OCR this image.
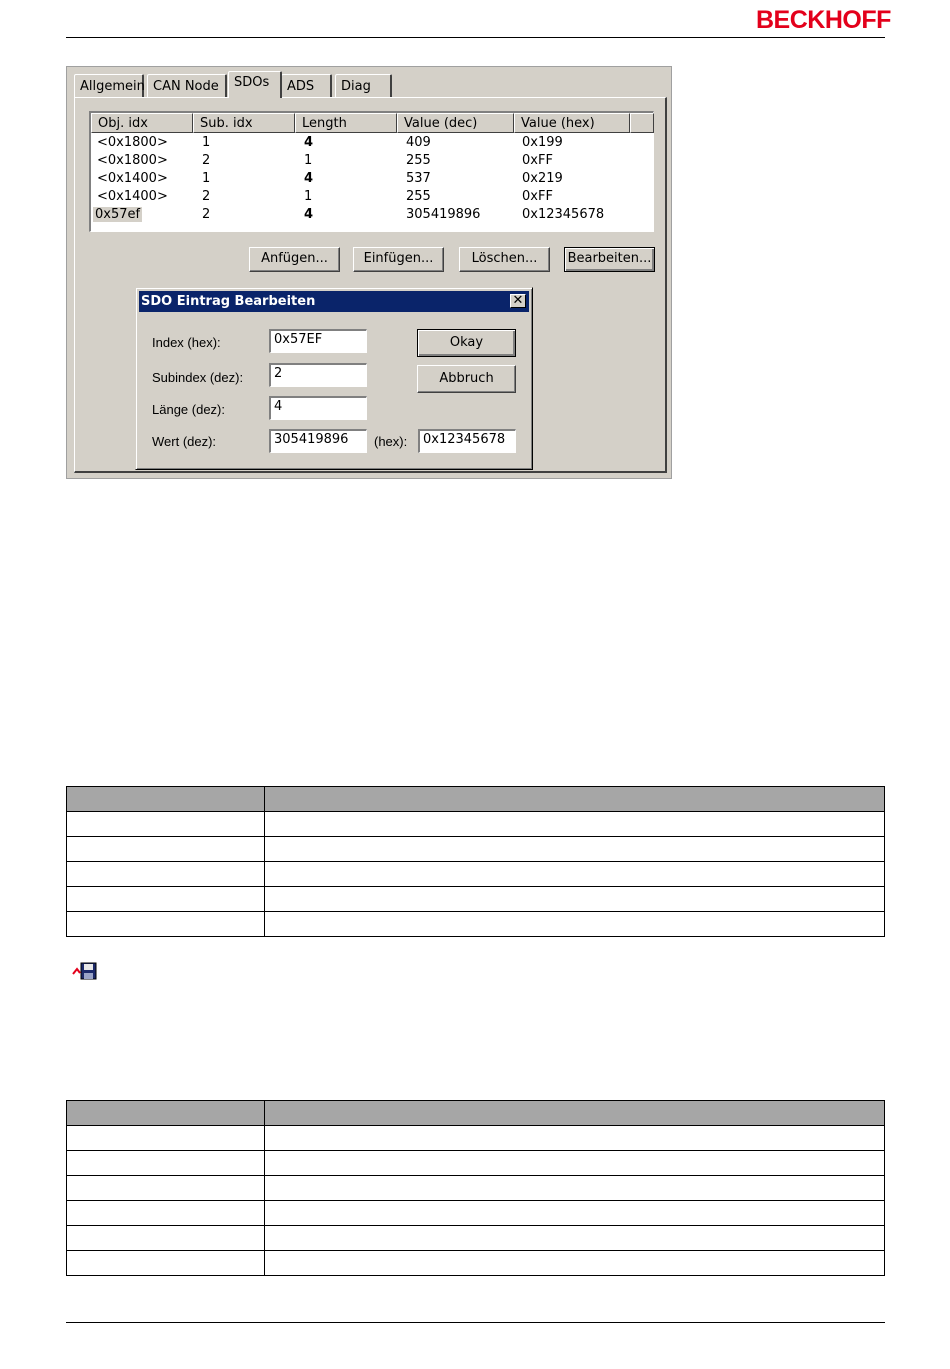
BECKHOFF
Allgemein CAN Node	SDOs	ADS	Diag
Obj. idx	Sub. idx	Length	Value (dec)	Value (hex)
<0x1800>	1	4	409	0x199
<0x1800>	2	1	255	0xFF
<0x1400>	1	4	537	0x219
<0x1400>	2	1	255	0xFF
0x57ef	2	4	305419896	0x12345678
Anfügen...	Einfügen...	Löschen...	Bearbeiten...
SDO Eintrag Bearbeiten	✕
Index (hex):	0x57EF
Subindex (dez):	2
Länge (dez):	4
Wert (dez):	305419896	(hex):	0x12345678
Okay
Abbruch
